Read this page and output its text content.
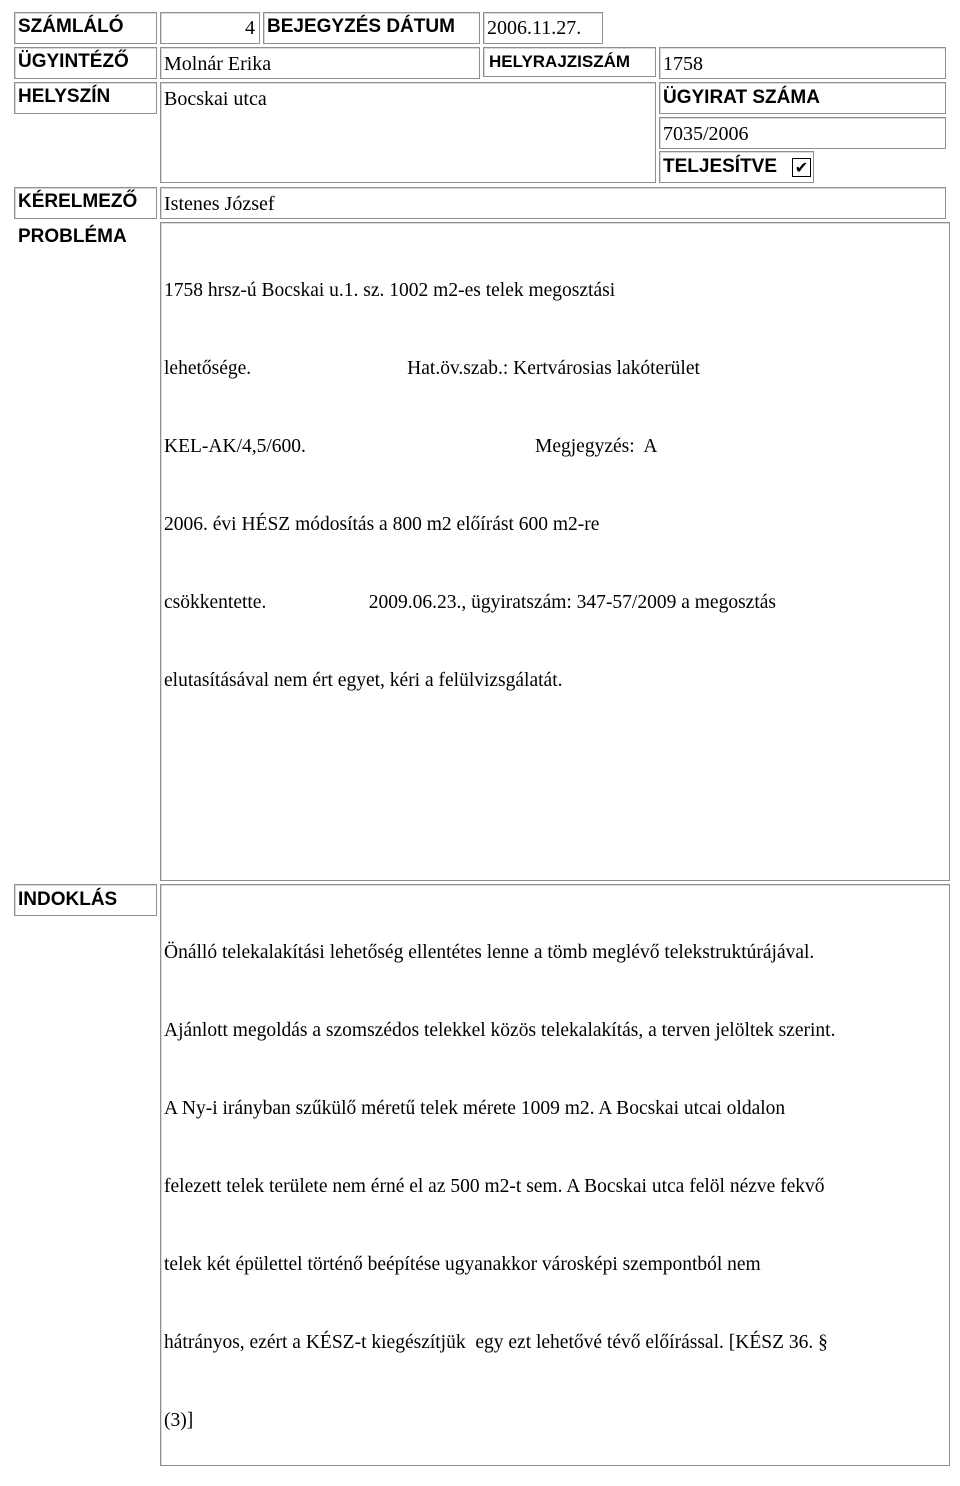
SZÁMLÁLÓ	4 BEJEGYZÉS DÁTUM 2006.11.27.
ÜGYINTÉZŐ Molnár Erika	HELYRAJZISZÁM 1758
HELYSZÍN	Bocskai utca	ÜGYIRAT SZÁMA
7035/2006
TELJESÍTVE ✔
KÉRELMEZŐ Istenes József
PROBLÉMA

1758 hrsz-ú Bocskai u.1. sz. 1002 m2-es telek megosztási

lehetősége.                                Hat.öv.szab.: Kertvárosias lakóterület

KEL-AK/4,5/600.                                               Megjegyzés:  A

2006. évi HÉSZ módosítás a 800 m2 előírást 600 m2-re

csökkentette.                     2009.06.23., ügyiratszám: 347-57/2009 a megosztás

elutasításával nem ért egyet, kéri a felülvizsgálatát.

INDOKLÁS

Önálló telekalakítási lehetőség ellentétes lenne a tömb meglévő telekstruktúrájával.

Ajánlott megoldás a szomszédos telekkel közös telekalakítás, a terven jelöltek szerint.

A Ny-i irányban szűkülő méretű telek mérete 1009 m2. A Bocskai utcai oldalon

felezett telek területe nem érné el az 500 m2-t sem. A Bocskai utca felöl nézve fekvő

telek két épülettel történő beépítése ugyanakkor városképi szempontból nem

hátrányos, ezért a KÉSZ-t kiegészítjük  egy ezt lehetővé tévő előírással. [KÉSZ 36. §

(3)]
